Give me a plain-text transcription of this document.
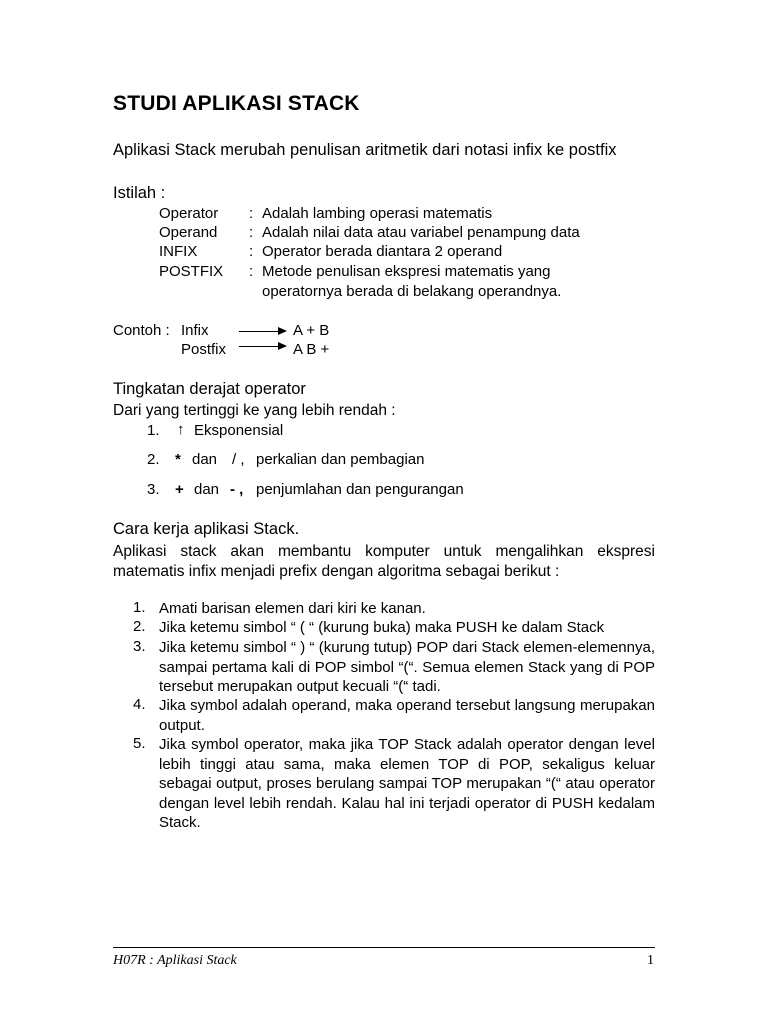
STUDI APLIKASI STACK
Aplikasi Stack merubah penulisan aritmetik dari notasi infix ke postfix
Istilah :
Operator : Adalah lambing operasi matematis
Operand : Adalah nilai data atau variabel penampung data
INFIX	: Operator berada diantara 2 operand
POSTFIX : Metode penulisan ekspresi matematis yang
operatornya berada di belakang operandnya.
Contoh : Infix	A + B
Postfix	A B +
Tingkatan derajat operator
Dari yang tertinggi ke yang lebih rendah :
1. ↑ Eksponensial
2. * dan / , perkalian dan pembagian
3. + dan - , penjumlahan dan pengurangan
Cara kerja aplikasi Stack.
Aplikasi stack akan membantu komputer untuk mengalihkan ekspresi matematis infix menjadi prefix dengan algoritma sebagai berikut :
1. Amati barisan elemen dari kiri ke kanan.
2. Jika ketemu simbol “ ( “ (kurung buka) maka PUSH ke dalam Stack
3. Jika ketemu simbol “ ) “ (kurung tutup) POP dari Stack elemen-elemennya, sampai pertama kali di POP simbol “(“. Semua elemen Stack yang di POP tersebut merupakan output kecuali “(“ tadi.
4. Jika symbol adalah operand, maka operand tersebut langsung merupakan output.
5. Jika symbol operator, maka jika TOP Stack adalah operator dengan level lebih tinggi atau sama, maka elemen TOP di POP, sekaligus keluar sebagai output, proses berulang sampai TOP merupakan “(“ atau operator dengan level lebih rendah. Kalau hal ini terjadi operator di PUSH kedalam Stack.
H07R : Aplikasi Stack	1
